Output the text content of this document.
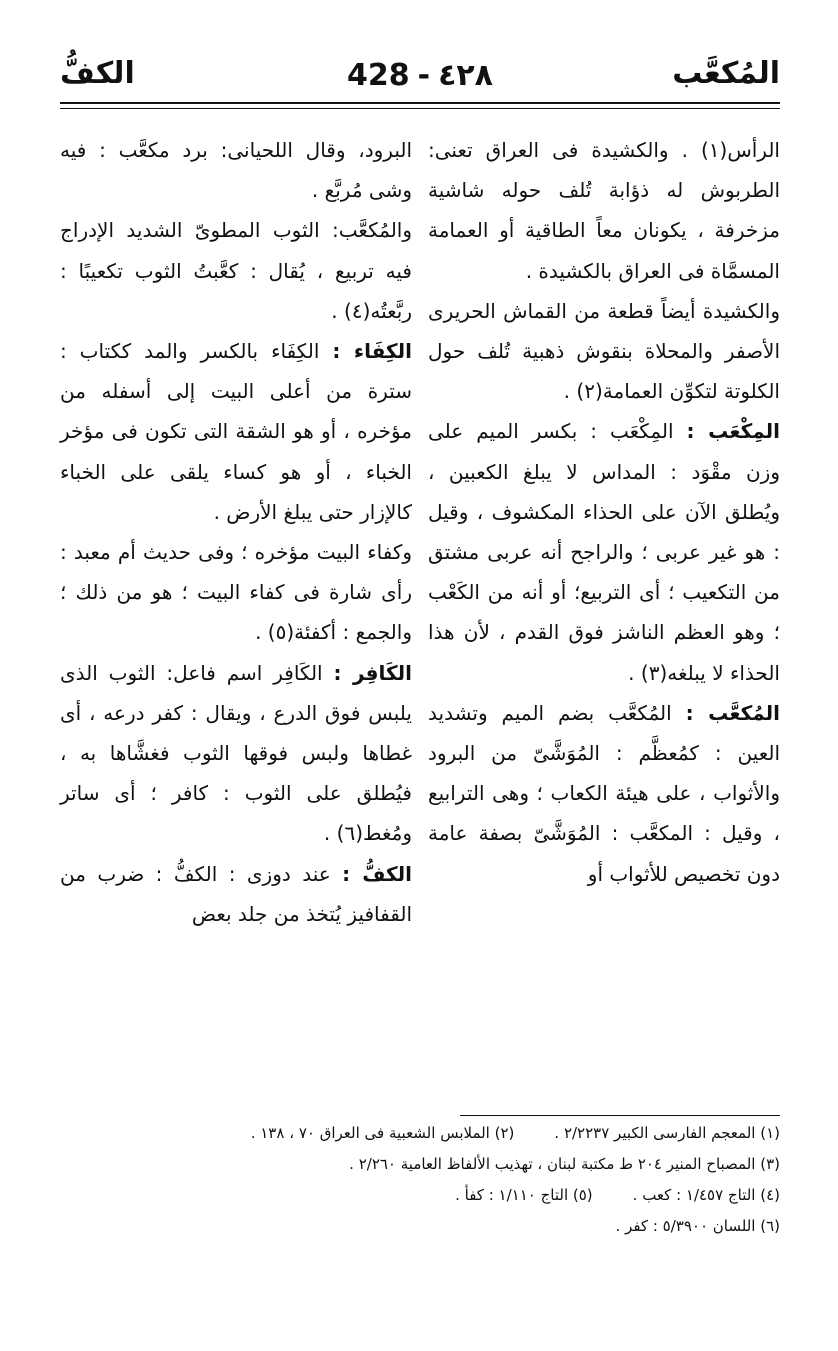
المُكعَّب
428 - ٤٢٨
الكفُّ

الرأس(١) . والكشيدة فى العراق تعنى: الطربوش له ذؤابة تُلف حوله شاشية مزخرفة ، يكونان معاً الطاقية أو العمامة المسمَّاة فى العراق بالكشيدة .

والكشيدة أيضاً قطعة من القماش الحريرى الأصفر والمحلاة بنقوش ذهبية تُلف حول الكلوتة لتكوِّن العمامة(٢) .

المِكْعَب : المِكْعَب : بكسر الميم على وزن مقْوَد : المداس لا يبلغ الكعبين ، ويُطلق الآن على الحذاء المكشوف ، وقيل : هو غير عربى ؛ والراجح أنه عربى مشتق من التكعيب ؛ أى التربيع؛ أو أنه من الكَعْب ؛ وهو العظم الناشز فوق القدم ، لأن هذا الحذاء لا يبلغه(٣) .

المُكعَّب : المُكعَّب بضم الميم وتشديد العين : كمُعظَّم : المُوَشَّىّ من البرود والأثواب ، على هيئة الكعاب ؛ وهى الترابيع ، وقيل : المكعَّب : المُوَشَّىّ بصفة عامة دون تخصيص للأثواب أو

البرود، وقال اللحيانى: برد مكعَّب : فيه وشى مُربَّع .

والمُكعَّب: الثوب المطوىّ الشديد الإدراج فيه تربيع ، يُقال : كعَّبتُ الثوب تكعيبًا : ربَّعتُه(٤) .

الكِفَاء : الكِفَاء بالكسر والمد ككتاب : سترة من أعلى البيت إلى أسفله من مؤخره ، أو هو الشقة التى تكون فى مؤخر الخباء ، أو هو كساء يلقى على الخباء كالإزار حتى يبلغ الأرض .

وكفاء البيت مؤخره ؛ وفى حديث أم معبد : رأى شارة فى كفاء البيت ؛ هو من ذلك ؛ والجمع : أكفئة(٥) .

الكَافِر : الكَافِر اسم فاعل: الثوب الذى يلبس فوق الدرع ، ويقال : كفر درعه ، أى غطاها ولبس فوقها الثوب فغشَّاها به ، فيُطلق على الثوب : كافر ؛ أى ساتر ومُغط(٦) .

الكفُّ : عند دوزى : الكفُّ : ضرب من القفافيز يُتخذ من جلد بعض

(١) المعجم الفارسى الكبير ٢/٢٢٣٧ .
(٢) الملابس الشعبية فى العراق ٧٠ ، ١٣٨ .
(٣) المصباح المنير ٢٠٤ ط مكتبة لبنان ، تهذيب الألفاظ العامية ٢/٢٦٠ .
(٤) التاج ١/٤٥٧ : كعب .
(٥) التاج ١/١١٠ : كفأ .
(٦) اللسان ٥/٣٩٠٠ : كفر .
